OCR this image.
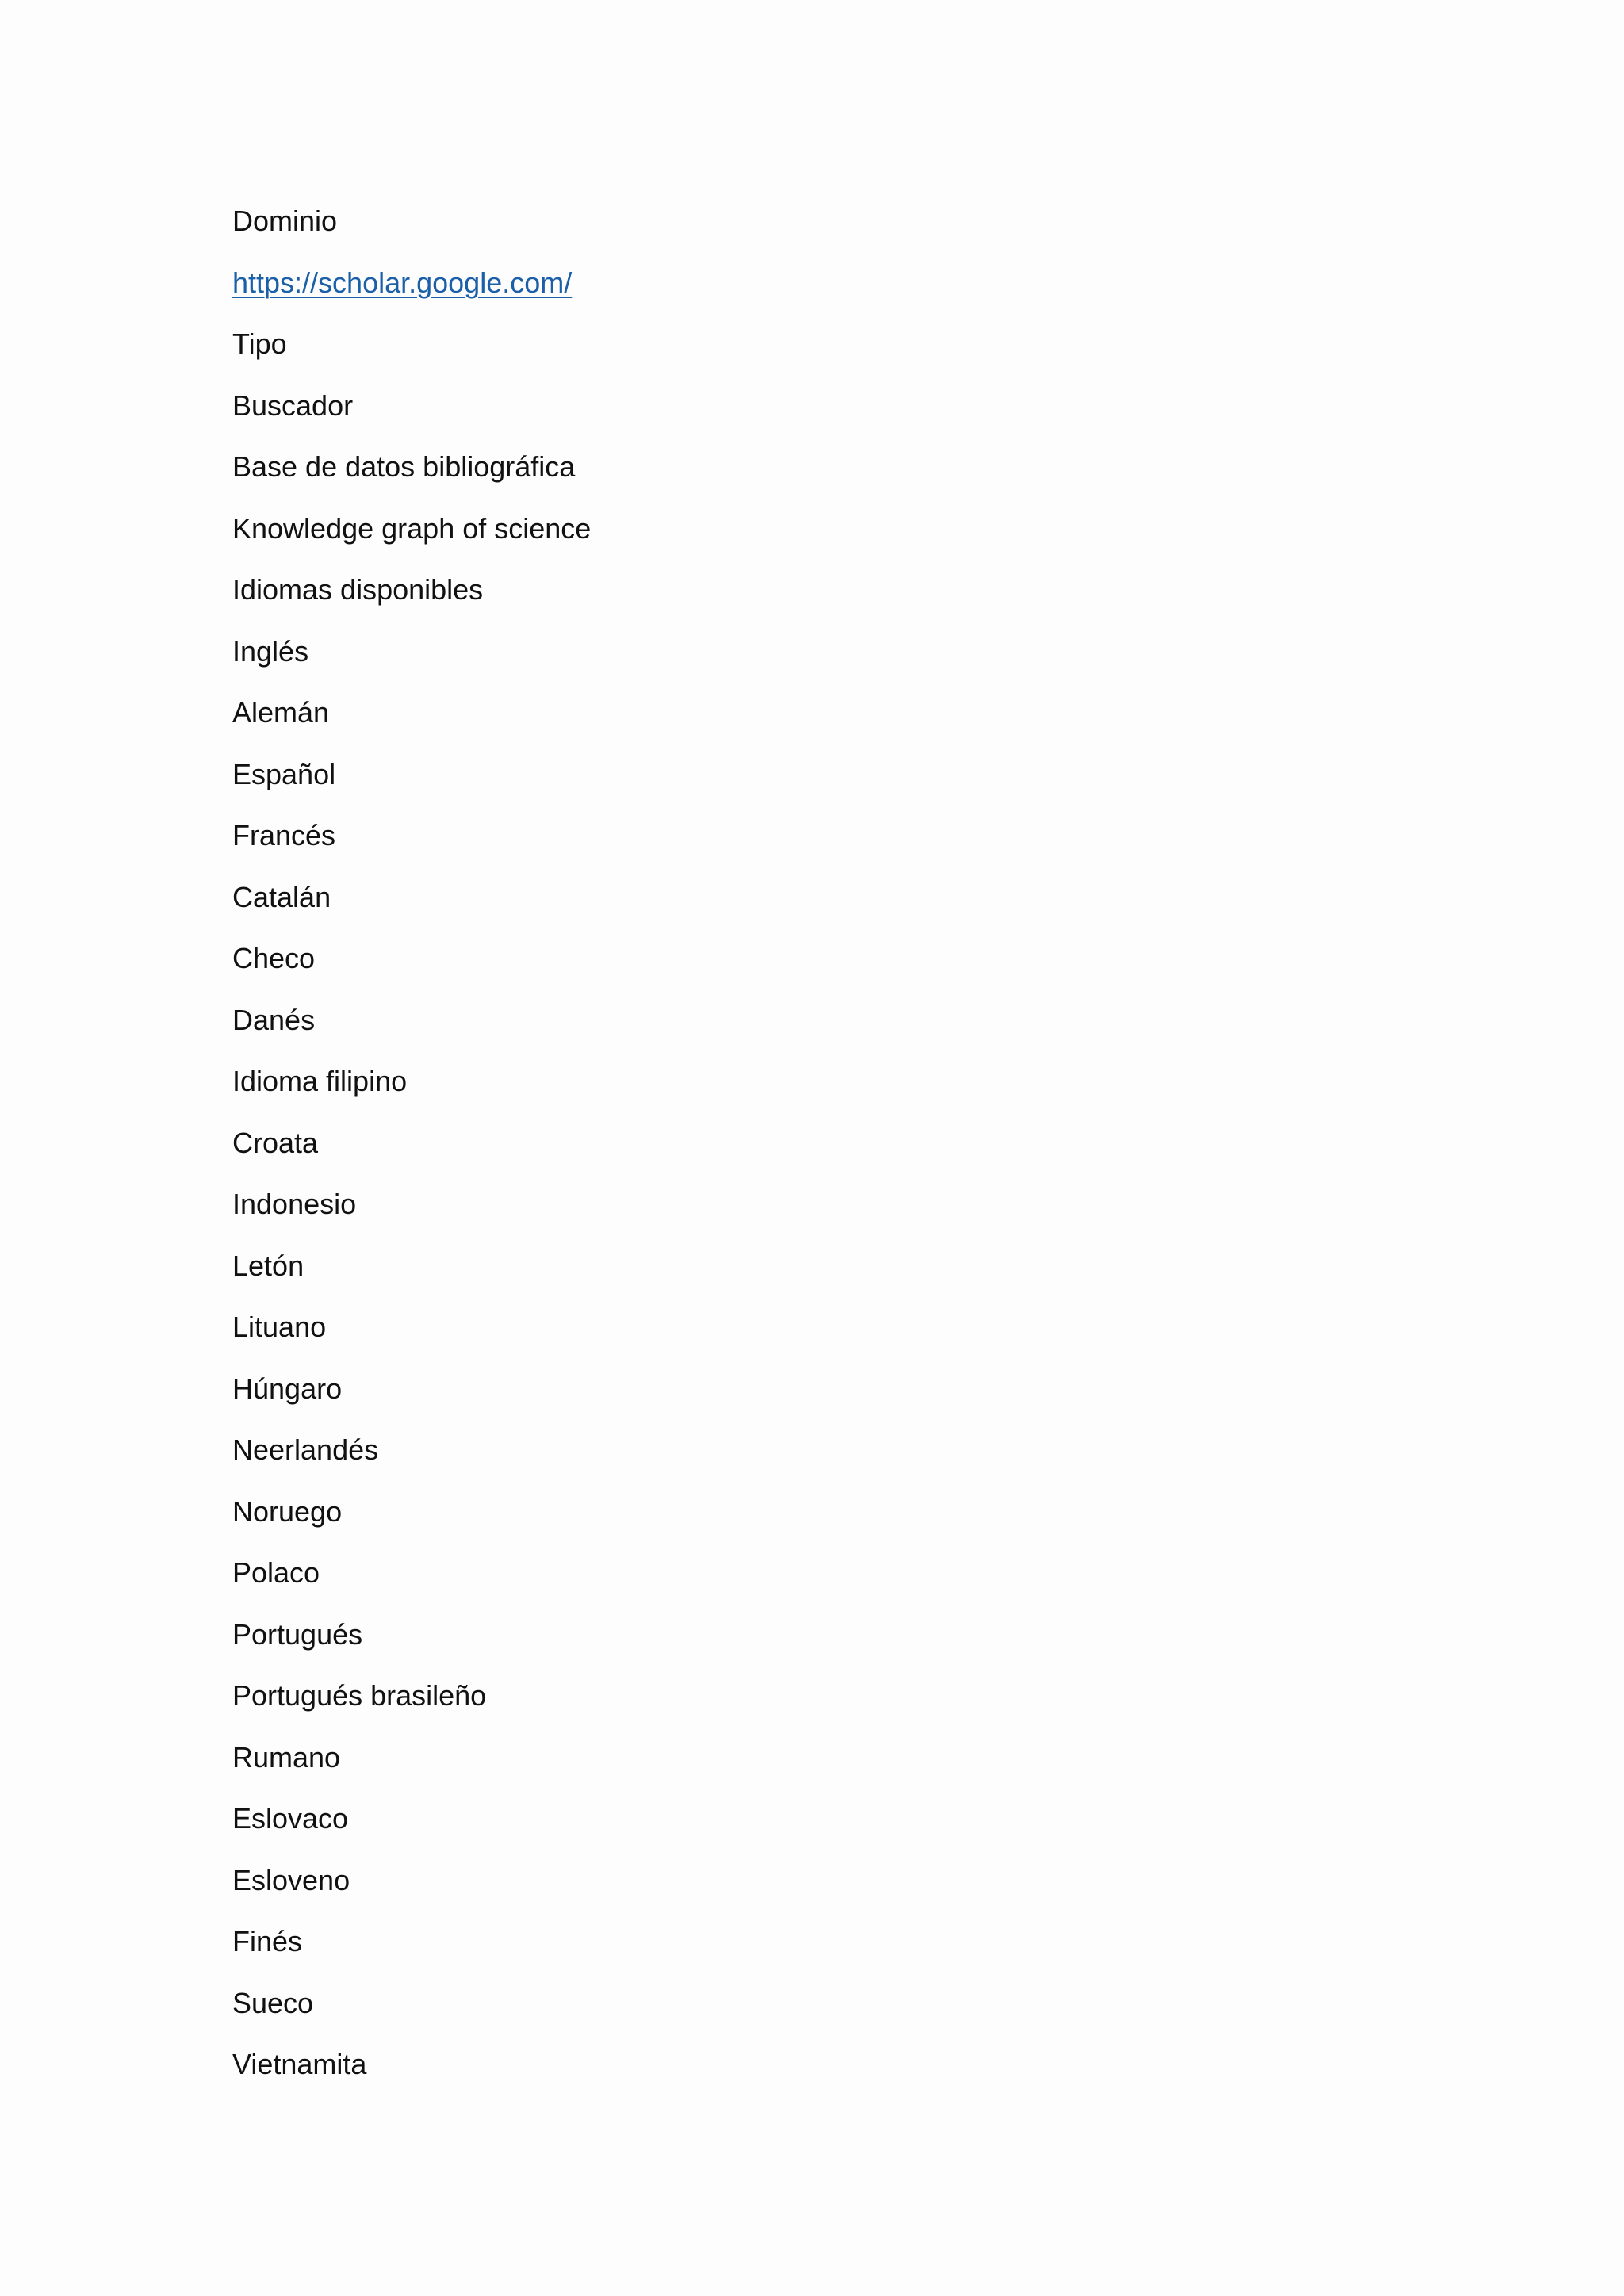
Dominio
https://scholar.google.com/
Tipo
Buscador
Base de datos bibliográfica
Knowledge graph of science
Idiomas disponibles
Inglés
Alemán
Español
Francés
Catalán
Checo
Danés
Idioma filipino
Croata
Indonesio
Letón
Lituano
Húngaro
Neerlandés
Noruego
Polaco
Portugués
Portugués brasileño
Rumano
Eslovaco
Esloveno
Finés
Sueco
Vietnamita
